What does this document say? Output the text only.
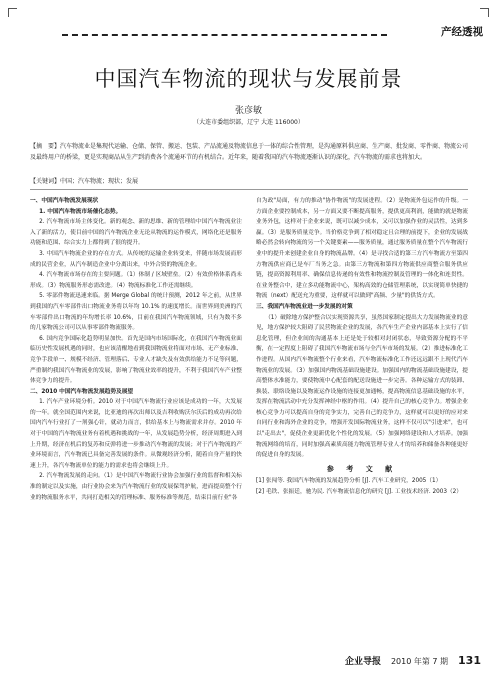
产经透视
中国汽车物流的现状与发展前景
张彦敏
（大连市委组织部，辽宁 大连 116000）
【摘　要】汽车物流业是集现代运输、仓储、保管、搬运、包装、产品流通及物流信息于一体的综合性管理，是沟通原料供应商、生产商、批发商、零件商、物流公司及最终用户的桥梁，更是实现商品从生产到消费各个流通环节的有机结合。近年来，随着我国的汽车物流逐渐认识的深化，汽车物流的需求也将加大。
【关键词】中国；汽车物流；现状；发展

一、中国汽车物流发展现状

1. 中国汽车物流市场催化态势。

2. 汽车物流市场主体变化。新的观念、新的思维、新的管理给中国汽车物流业注入了新的活力，使目前中国的汽车物流企业无论从物流的运作模式，网络化还是服务功能和范围、综合实力上都得到了很的提升。

3. 中国汽车物流企业的存在方式。从传统的运输企业转变来，伴随市场发展而形成的民营企业，从汽车制造企业中分离出来，中外合资的物流企业。

4. 汽车物流市场存在的主要问题。（1）体制 / 区域壁垒。（2）有效价格体系尚未形成。（3）物流服务形态需改进。（4）物流标准化工作还需继续。

5. 零部件物流迅速来临。据 Merge Global 的统计预测，2012 年之前，从世界到我国的汽车零部件出口物流业务将以年均 10.1% 的速度增长。而世界到美洲的汽车零部件出口物流的年均增长率 10.6%，目前在我国汽车物流领域，只有为数不多的几家物流公司可以从事零部件物流服务。

6. 国内竞争国际化趋势明显加快。首先是国内市场国际化，在我国汽车物流业面临历史性发展机遇的同时，也应该清醒地看到我国物流业将面对市场、无产业标准、竞争手段单一、规模不经济、管理落后、专业人才缺失及有效供给能力不足等问题，严重制约我国汽车物流业的发展，影响了物流业效率的提升，不利于我国汽车产业整体竞争力的提升。

二、2010 中国汽车物流发展趋势及展望

1. 汽车产业环境分析。2010 对于中国汽车物流行业应该是成功的一年，大发展的一年。就全国范围内来说，比亚迪的再次出师以及吉利收购沃尔沃后的成功再次给国内汽车行业打了一剂强心针，就动力而言，供给基本上与物流需求并存。2010 年对于中国的汽车物流业务有着机遇和挑战的一年，从发展趋势分析，经济周期进入到上升期，经济在机后的复苏和反弹将进一步推动汽车物流的发展；对于汽车物流的产业环境而言，汽车物流已具备完善发展的条件。从微观经济分析，随着自身产量的快速上升，各汽车物流单位的能力的需求也将会继续上升。

2. 汽车物流发展的走向。（1）是中国汽车物流行业协会加强行业的监督和相关标准的制定以及实施，由行业协会来为汽车物流行业的发展保驾护航，进而提高整个行业的物流服务水平，共同打造相关的管理标准、服务标准等规范，结束目前行业"各

自为政"局面，有力的推动"协作物流"的发展进程。（2）是物流外包运作的升级。一方面企业要控制成本，另一方面又要不断提高服务，提供更高利润，能做的就是物流业务外包，这样对于企业来说，既可以减少成本，又可以加强作业的灵活性，达到多赢。（3）是服务质量竞争。当价格竞争到了相对稳定且合理的前提下，企业的发展战略必然会转向物流的另一个关键要素——服务质量，通过服务质量在整个汽车物流行业中的提升来创建企业自身的物流品牌。（4）是寻找合适的第三方汽车物流方至第四方物流供应商已是车厂当务之急。由第三方物流和第四方物流供应商整合服务供应链，提高资源利用率、确保信息传递的有效性和物流控制及管理的一体化和连贯性。在业务整合中，建立多功能物流中心，架构高效的仓储管理系统，以实现简单快捷的物流（next）配送允为重要，这样就可以做到"高频、少量"的供货方式。

三、我国汽车物流业进一步发展的对策

（1）破除地方保护整合以实现资源共享，虽然国家制定提出大力发展物流业的意见，地方保护较大阻碍了民营物流企业的发展，各汽车生产企业内部基本上实行了信息化管理，但企业间的沟通基本上还是处于较相对封闭状态，导致资源分配的不平衡，在一定程度上阻碍了我国汽车物流市场与全汽车市场的发展。（2）推进标准化工作进程。从国内汽车物流整个行业来看，汽车物流标准化工作还远远跟不上现代汽车物流业的发展。（3）加强国内物流基础设施建设。加强国内的物流基础设施建设，提高整体水准能力，要使物流中心配套的配送设施进一步完善。各种运输方式的装卸、换装、联络设施以及物流运作设施的连接更加通畅，提高物流信息基础设施的水平，发挥在物流活动中充分发挥神经中枢的作用。（4）提升自己的核心竞争力。增强企业核心竞争力可以提高自身的竞争实力，完善自己的竞争力，这样就可以更好的应对来自同行业和海外企业的竞争，增强开发国际物流业务，这样不仅可以"引进来"，也可以"走出去"，促使企业更新优化个性化的发展。（5）加强网络建设和人才培养。加强物流网络的培育，同时加强高素质高能力物流管理专业人才的培养和储备各种能更好的促进自身的发展。

参 考 文 献

[1] 张闯等. 我国汽车物流的发展趋势分析 [J]. 汽车工业研究，2005（1）

[2] 毛铁、张振廷，驰为民. 汽车物流信息化的研究 [J]. 工业技术经济. 2003（2）

企业导报 2010 年第 7 期 131
